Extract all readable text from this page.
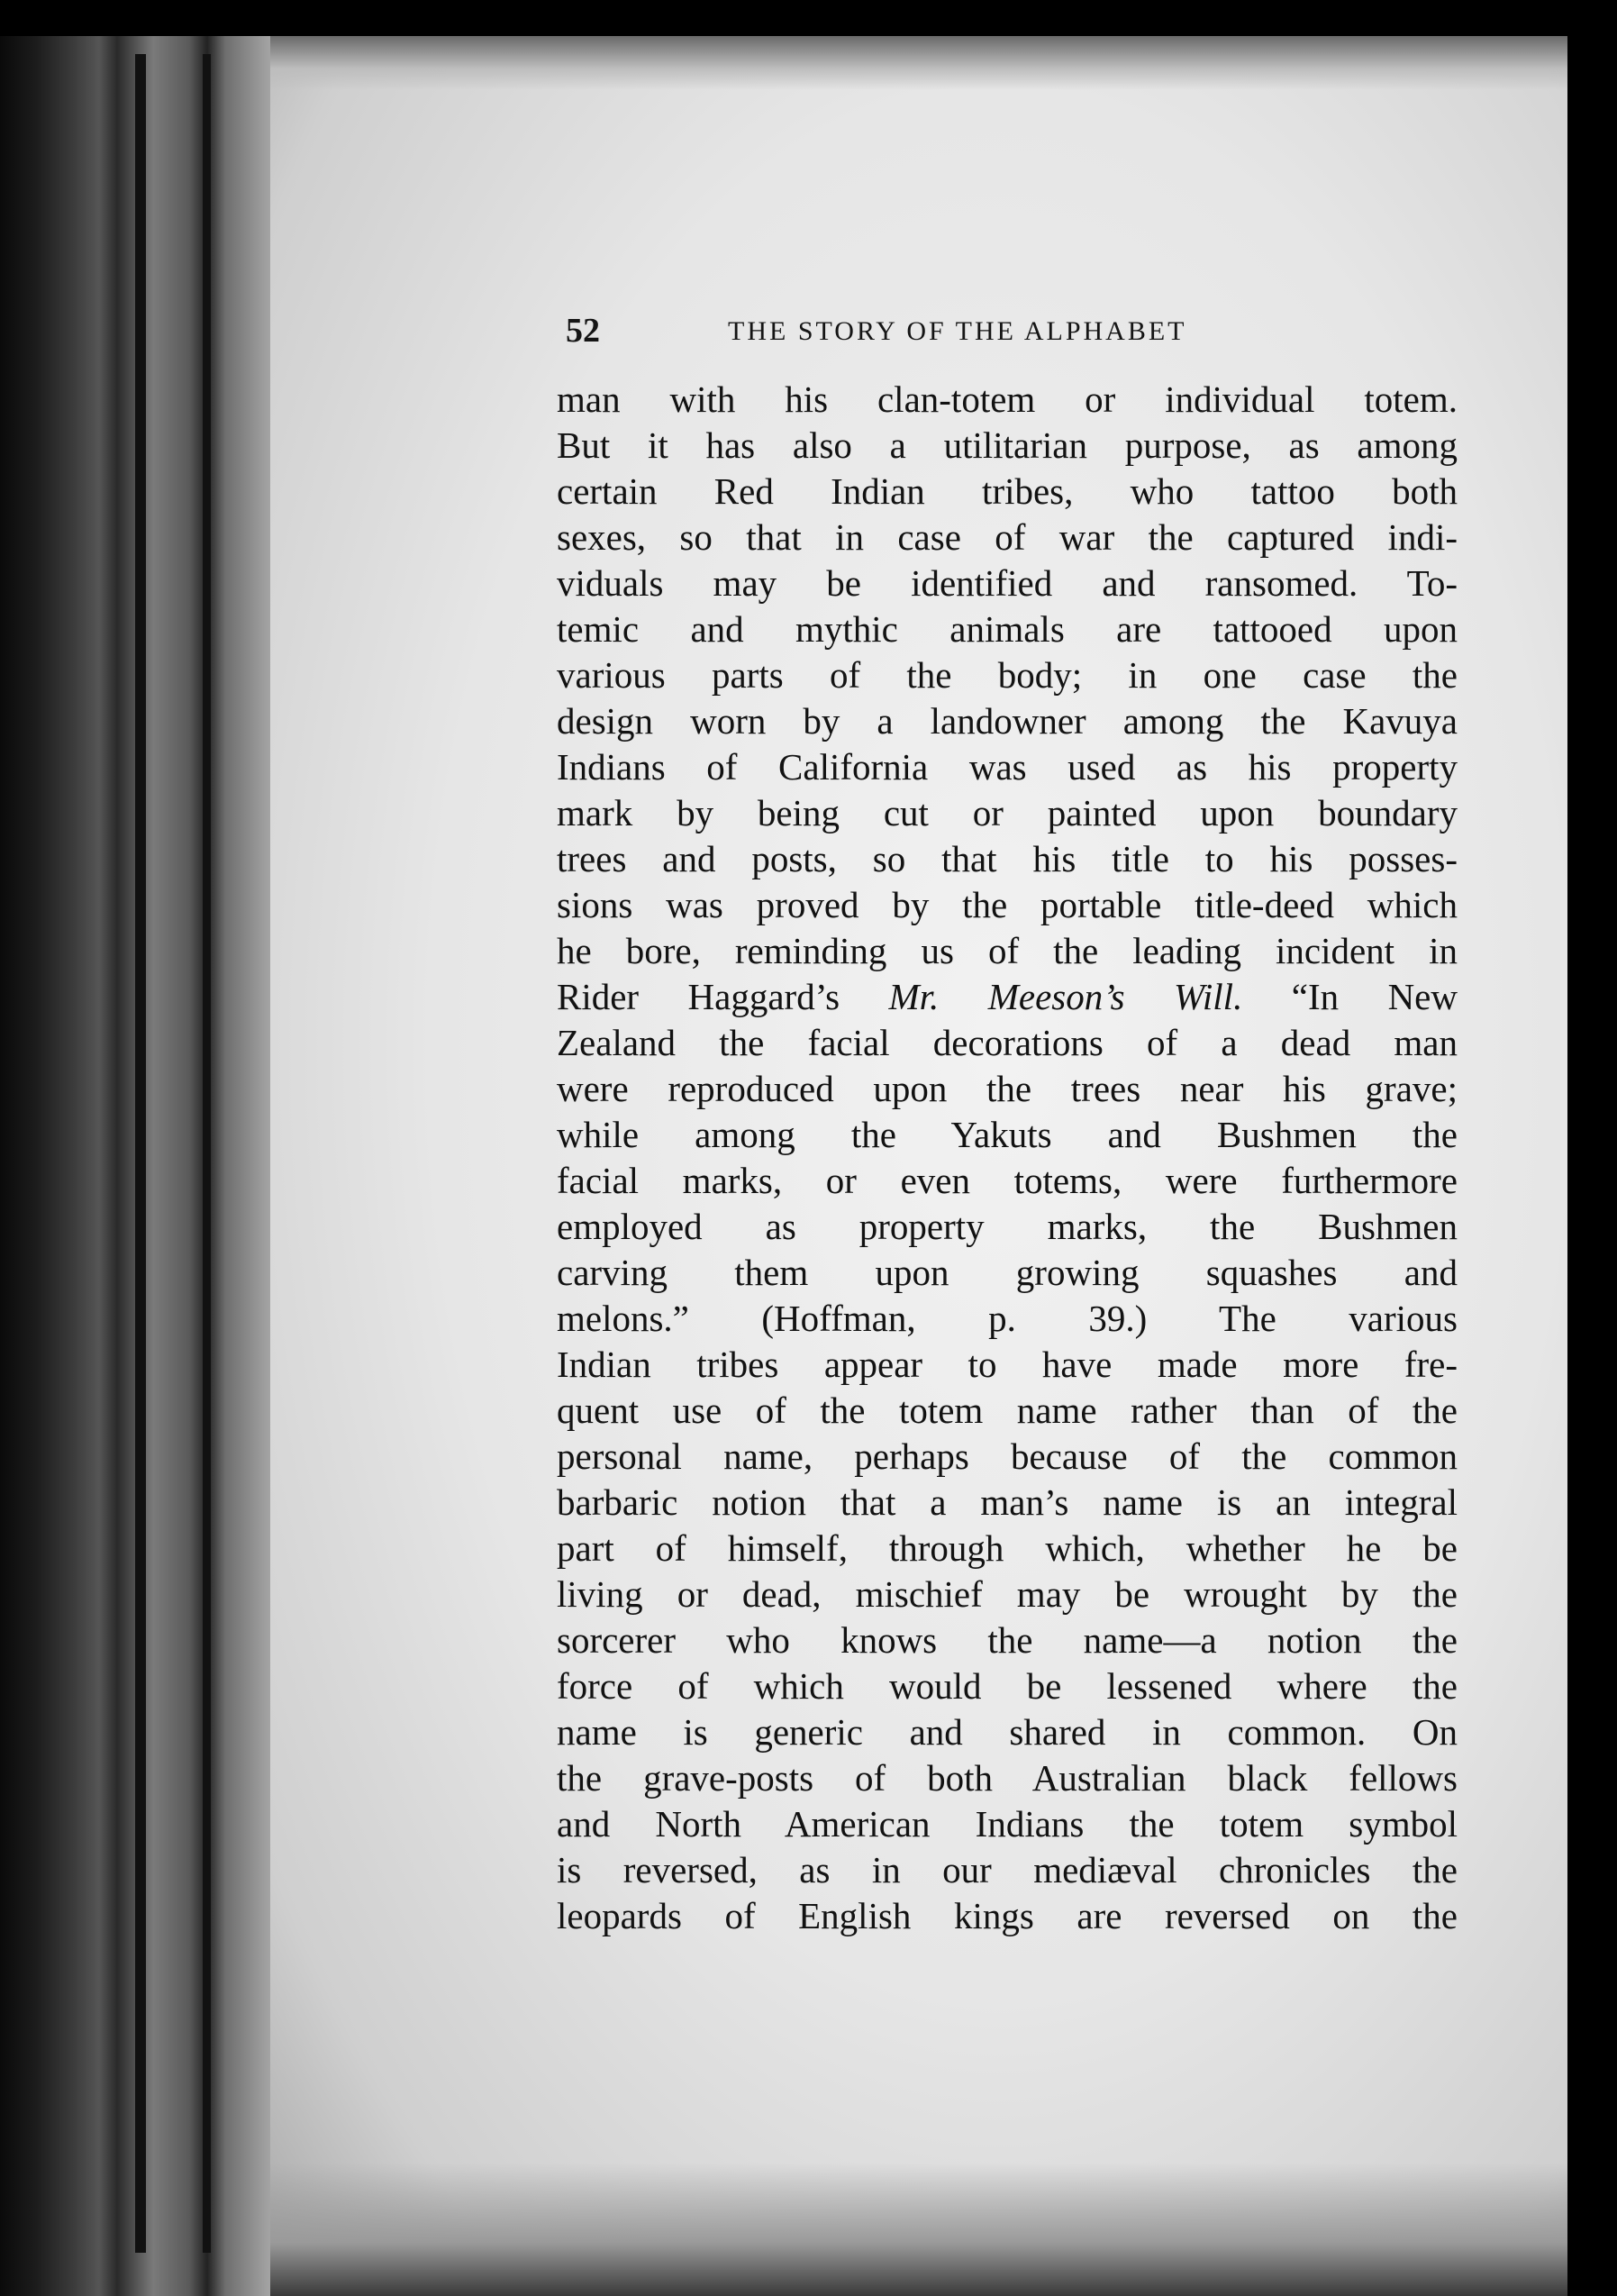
52	THE STORY OF THE ALPHABET
man with his clan-totem or individual totem.
But it has also a utilitarian purpose, as among
certain Red Indian tribes, who tattoo both
sexes, so that in case of war the captured indi-
viduals may be identified and ransomed. To-
temic and mythic animals are tattooed upon
various parts of the body; in one case the
design worn by a landowner among the Kavuya
Indians of California was used as his property
mark by being cut or painted upon boundary
trees and posts, so that his title to his posses-
sions was proved by the portable title-deed which
he bore, reminding us of the leading incident in
Rider Haggard’s Mr. Meeson’s Will. “In New
Zealand the facial decorations of a dead man
were reproduced upon the trees near his grave;
while among the Yakuts and Bushmen the
facial marks, or even totems, were furthermore
employed as property marks, the Bushmen
carving them upon growing squashes and
melons.” (Hoffman, p. 39.) The various
Indian tribes appear to have made more fre-
quent use of the totem name rather than of the
personal name, perhaps because of the common
barbaric notion that a man’s name is an integral
part of himself, through which, whether he be
living or dead, mischief may be wrought by the
sorcerer who knows the name—a notion the
force of which would be lessened where the
name is generic and shared in common. On
the grave-posts of both Australian black fellows
and North American Indians the totem symbol
is reversed, as in our mediæval chronicles the
leopards of English kings are reversed on the
